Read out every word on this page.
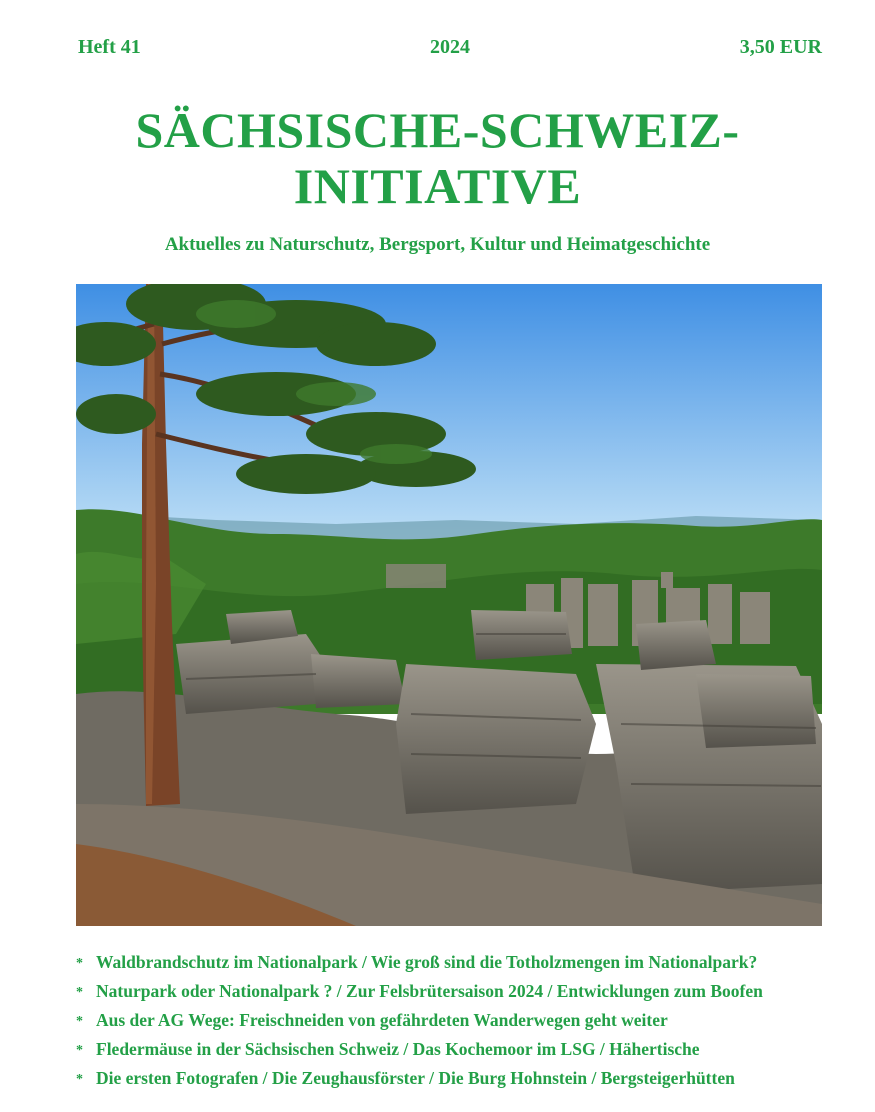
Heft 41	2024	3,50 EUR
SÄCHSISCHE-SCHWEIZ-
INITIATIVE
Aktuelles zu Naturschutz, Bergsport, Kultur und Heimatgeschichte
* Waldbrandschutz im Nationalpark / Wie groß sind die Totholzmengen im Nationalpark?
* Naturpark oder Nationalpark ? / Zur Felsbrütersaison 2024 / Entwicklungen zum Boofen
* Aus der AG Wege: Freischneiden von gefährdeten Wanderwegen geht weiter
* Fledermäuse in der Sächsischen Schweiz / Das Kochemoor im LSG / Hähertische
* Die ersten Fotografen / Die Zeughausförster / Die Burg Hohnstein / Bergsteigerhütten
